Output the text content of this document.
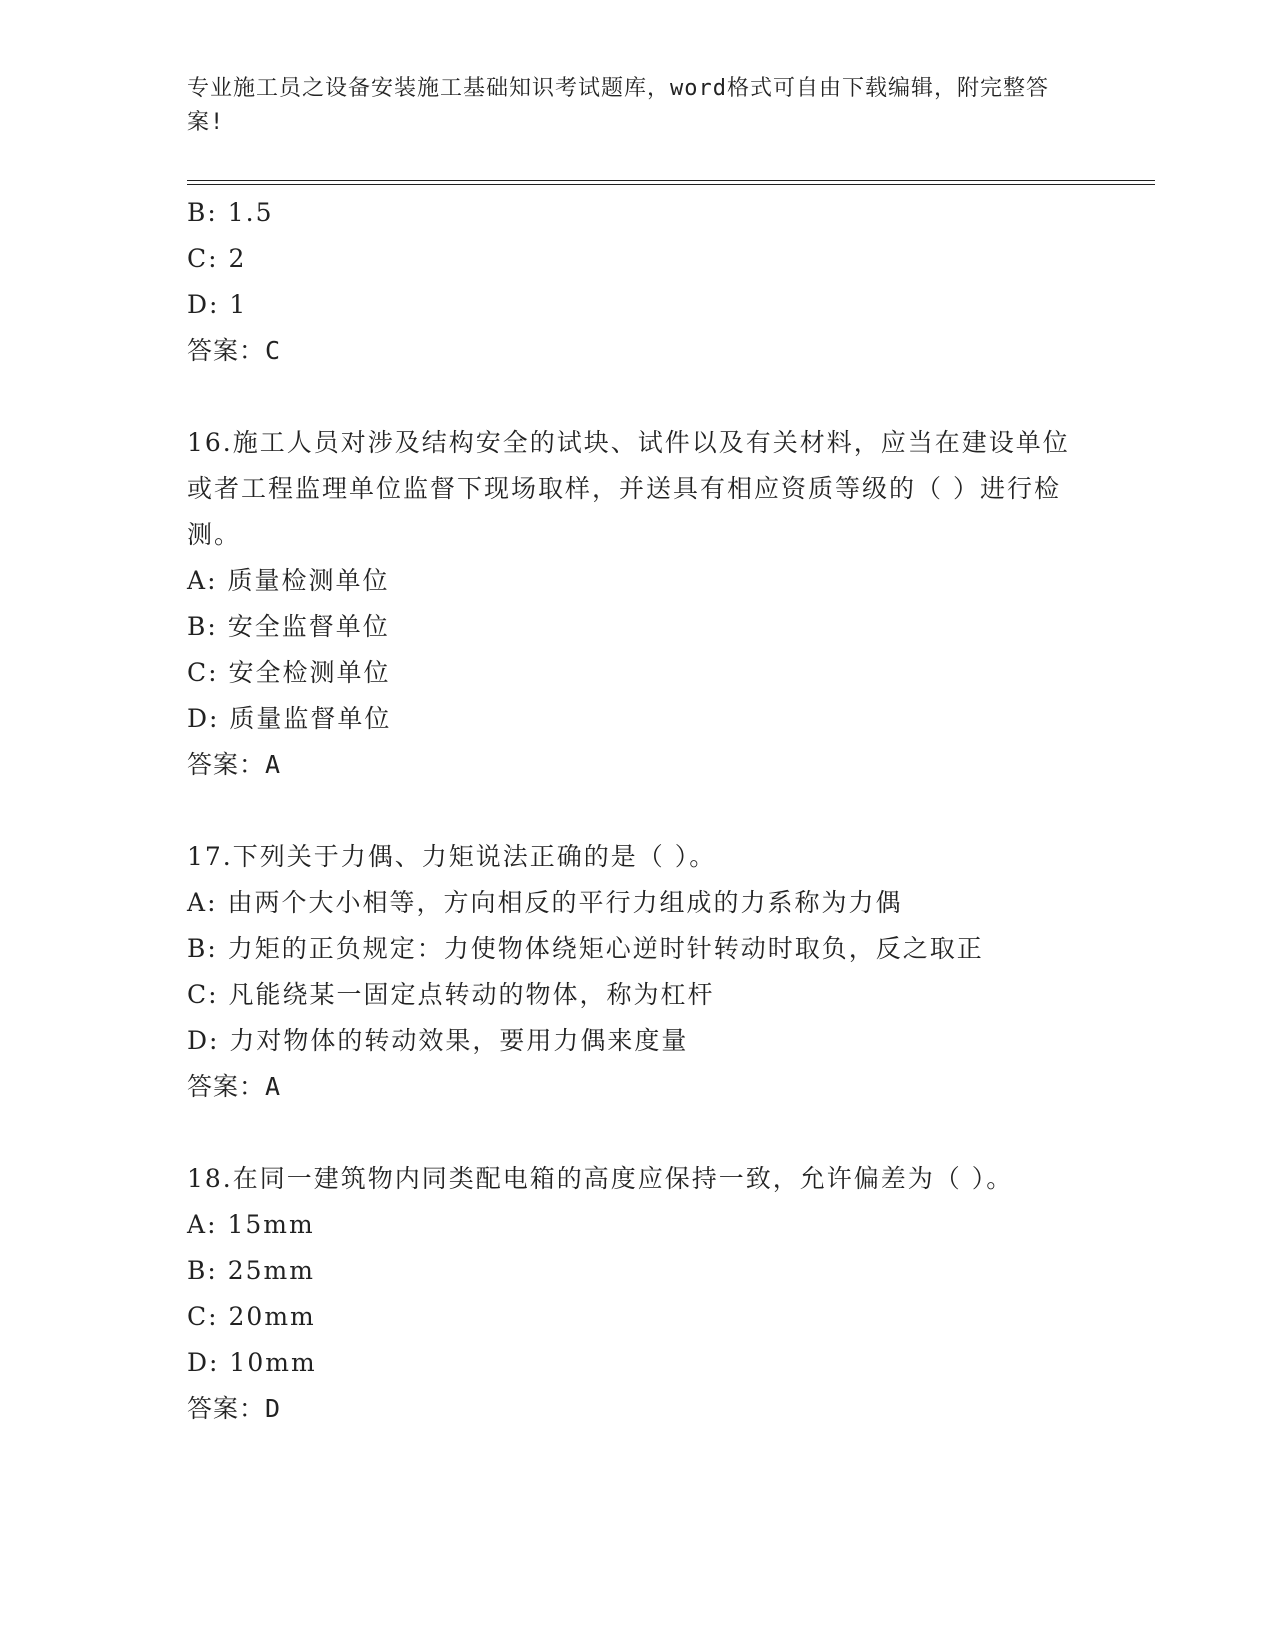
专业施工员之设备安装施工基础知识考试题库，word格式可自由下载编辑，附完整答案!
B: 1.5
C: 2
D: 1
答案：C
16.施工人员对涉及结构安全的试块、试件以及有关材料，应当在建设单位或者工程监理单位监督下现场取样，并送具有相应资质等级的（ ）进行检测。
A: 质量检测单位
B: 安全监督单位
C: 安全检测单位
D: 质量监督单位
答案：A
17.下列关于力偶、力矩说法正确的是（ ）。
A: 由两个大小相等，方向相反的平行力组成的力系称为力偶
B: 力矩的正负规定：力使物体绕矩心逆时针转动时取负，反之取正
C: 凡能绕某一固定点转动的物体，称为杠杆
D: 力对物体的转动效果，要用力偶来度量
答案：A
18.在同一建筑物内同类配电箱的高度应保持一致，允许偏差为（ ）。
A: 15mm
B: 25mm
C: 20mm
D: 10mm
答案：D
